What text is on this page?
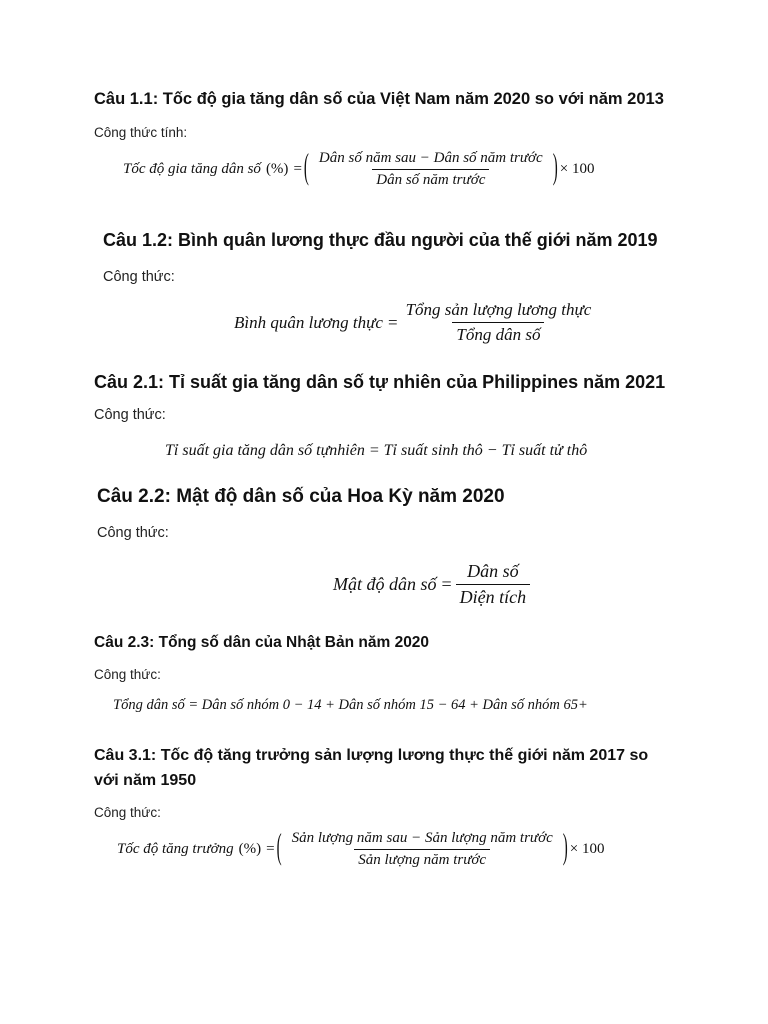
Câu 1.1: Tốc độ gia tăng dân số của Việt Nam năm 2020 so với năm 2013
Công thức tính:
Tốc độ gia tăng dân số (%) = ( $\frac{\text{Dân số năm sau − Dân số năm trước}}{\text{Dân số năm trước}}$ ) × 100
Câu 1.2: Bình quân lương thực đầu người của thế giới năm 2019
Công thức:
Bình quân lương thực = $\frac{\text{Tổng sản lượng lương thực}}{\text{Tổng dân số}}$
Câu 2.1: Tỉ suất gia tăng dân số tự nhiên của Philippines năm 2021
Công thức:
Tỉ suất gia tăng dân số tựnhiên = Tỉ suất sinh thô − Tỉ suất tử thô
Câu 2.2: Mật độ dân số của Hoa Kỳ năm 2020
Công thức:
Mật độ dân số = $\frac{\text{Dân số}}{\text{Diện tích}}$
Câu 2.3: Tổng số dân của Nhật Bản năm 2020
Công thức:
Tổng dân số = Dân số nhóm 0 − 14 + Dân số nhóm 15 − 64 + Dân số nhóm 65+
Câu 3.1: Tốc độ tăng trưởng sản lượng lương thực thế giới năm 2017 so với năm 1950
Công thức:
Tốc độ tăng trưởng (%) = ( $\frac{\text{Sản lượng năm sau − Sản lượng năm trước}}{\text{Sản lượng năm trước}}$ ) × 100
